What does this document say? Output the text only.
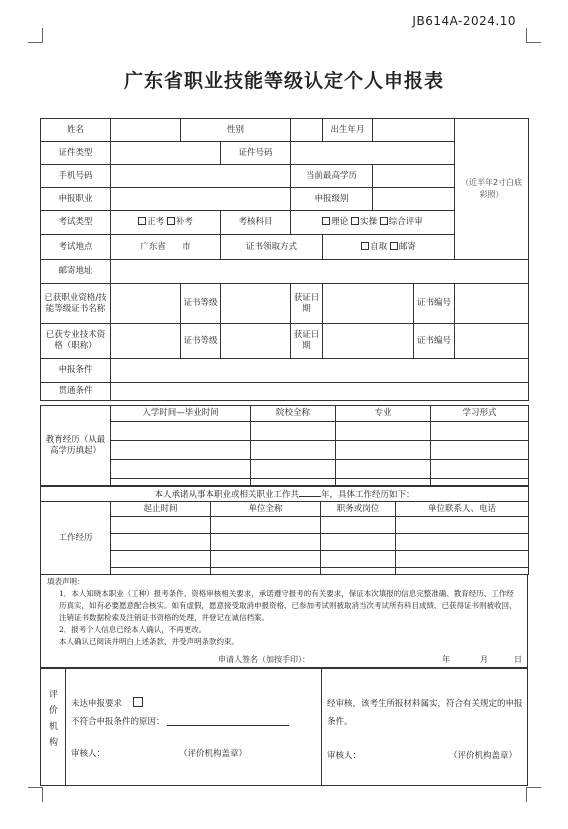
JB614A-2024.10
广东省职业技能等级认定个人申报表
姓名		性别			出生年月			（近半年2寸白底彩照）
证件类型			证件号码					
手机号码				当前最高学历				
申报职业				申报级别				
考试类型	正考 补考		考核科目	理论 实操 综合评审				
考试地点	广东省 市		证书领取方式		自取 邮寄			
邮寄地址								
已获职业资格/技能等级证书名称		证书等级		获证日期			证书编号	
已获专业技术资格（职称）		证书等级		获证日期			证书编号	
申报条件								
贯通条件								
教育经历（从最高学历填起）	入学时间—毕业时间	院校全称	专业	学习形式

本人承诺从事本职业或相关职业工作共 年，具体工作经历如下：				
工作经历	起止时间	单位全称	职务或岗位	单位联系人、电话

填表声明：
1．本人知晓本职业（工种）报考条件、资格审核相关要求，承诺遵守报考的有关要求，保证本次填报的信息完整准确、教育经历、工作经历真实，如有必要愿意配合核实。如有虚假，愿意接受取消申报资格、已参加考试则被取消当次考试所有科目成绩、已获得证书则被收回、注销证书数据检索及注销证书资格的处理，并登记在诚信档案。
2．报考个人信息已经本人确认，不再更改。
本人确认已阅读并明白上述条款，并受声明条款约束。
申请人签名（加按手印）：	年	月	日
评价机构
未达申报要求
不符合申报条件的原因：
审核人：	（评价机构盖章）
经审核，该考生所报材料属实，符合有关规定的申报条件。
审核人：	（评价机构盖章）
